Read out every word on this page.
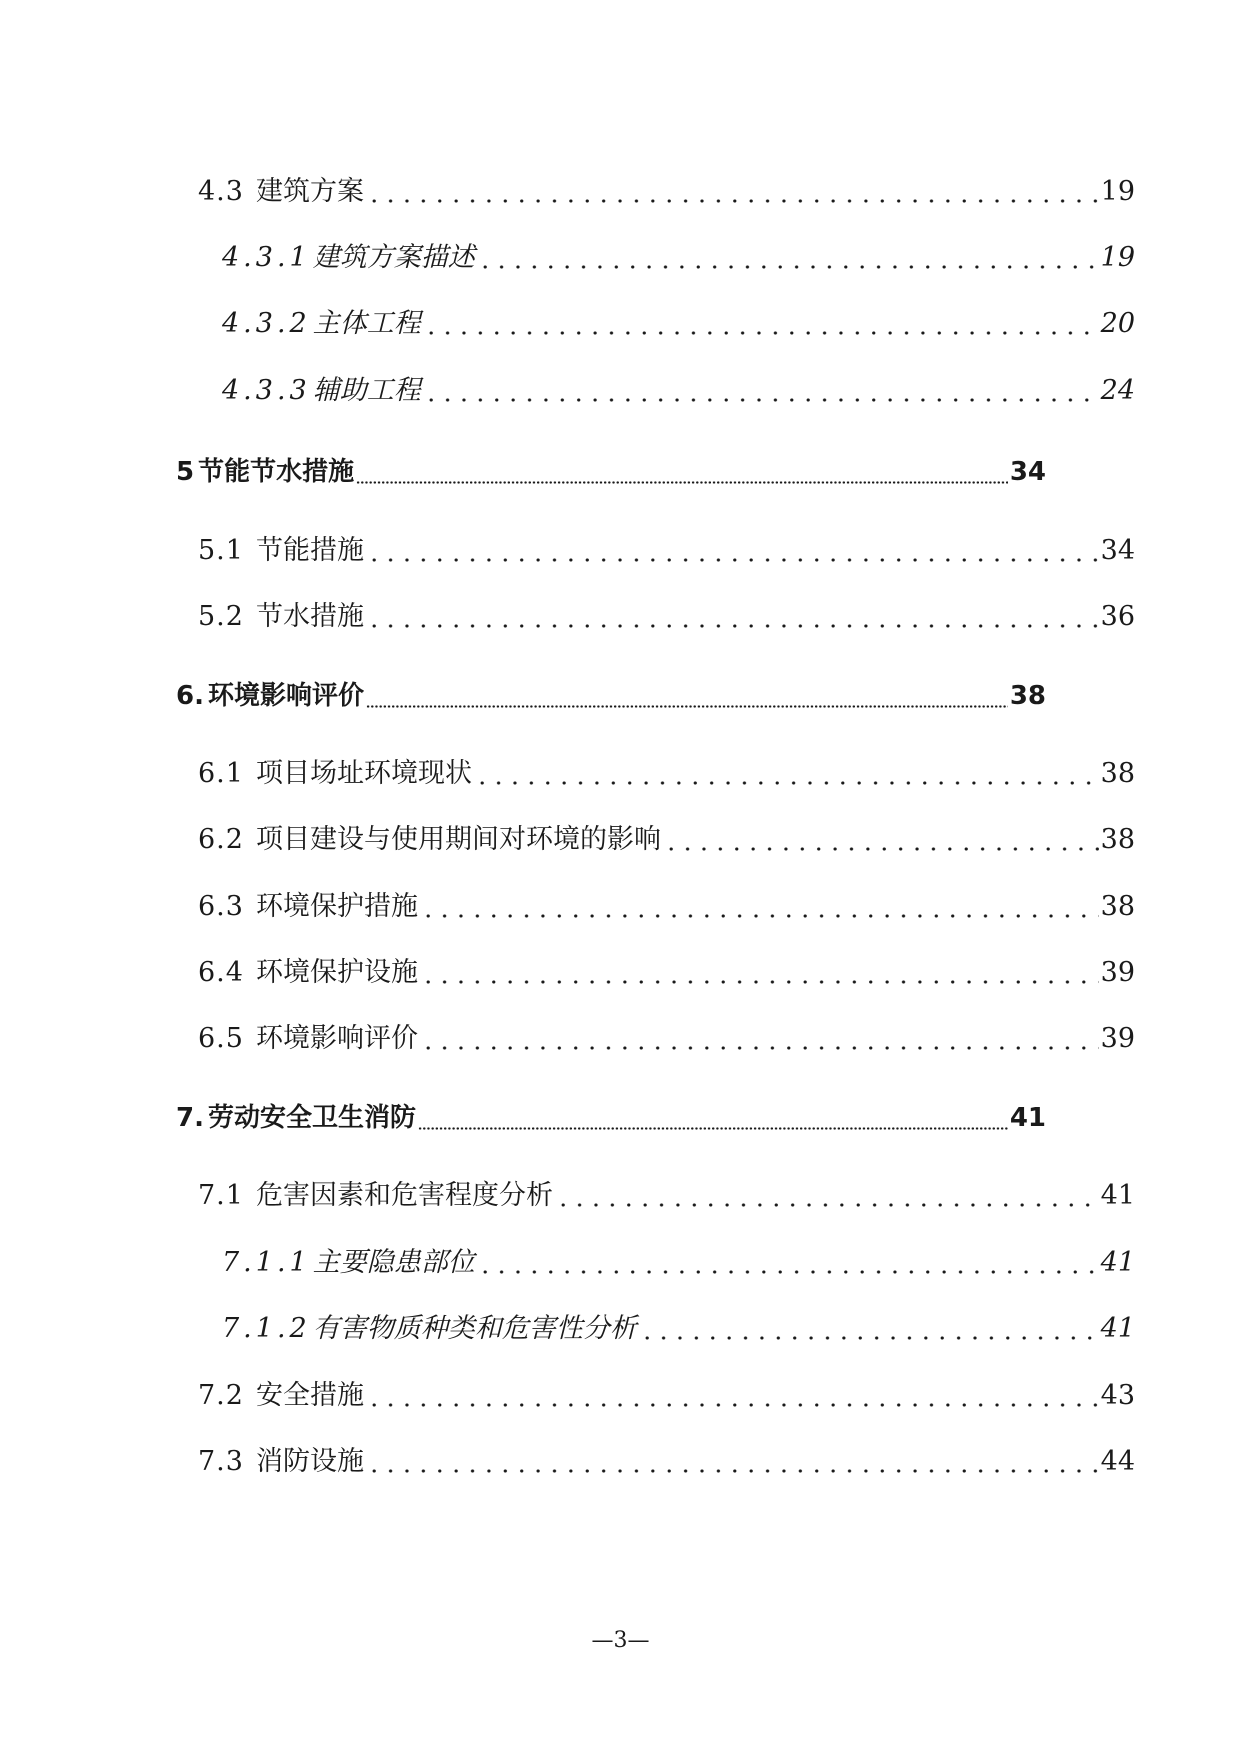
4.3 建筑方案	19
4.3.1 建筑方案描述	19
4.3.2 主体工程	20
4.3.3 辅助工程	24
5 节能节水措施	34
5.1 节能措施	34
5.2 节水措施	36
6. 环境影响评价	38
6.1 项目场址环境现状	38
6.2 项目建设与使用期间对环境的影响	38
6.3 环境保护措施	38
6.4 环境保护设施	39
6.5 环境影响评价	39
7. 劳动安全卫生消防	41
7.1 危害因素和危害程度分析	41
7.1.1 主要隐患部位	41
7.1.2 有害物质种类和危害性分析	41
7.2 安全措施	43
7.3 消防设施	44
—3—
